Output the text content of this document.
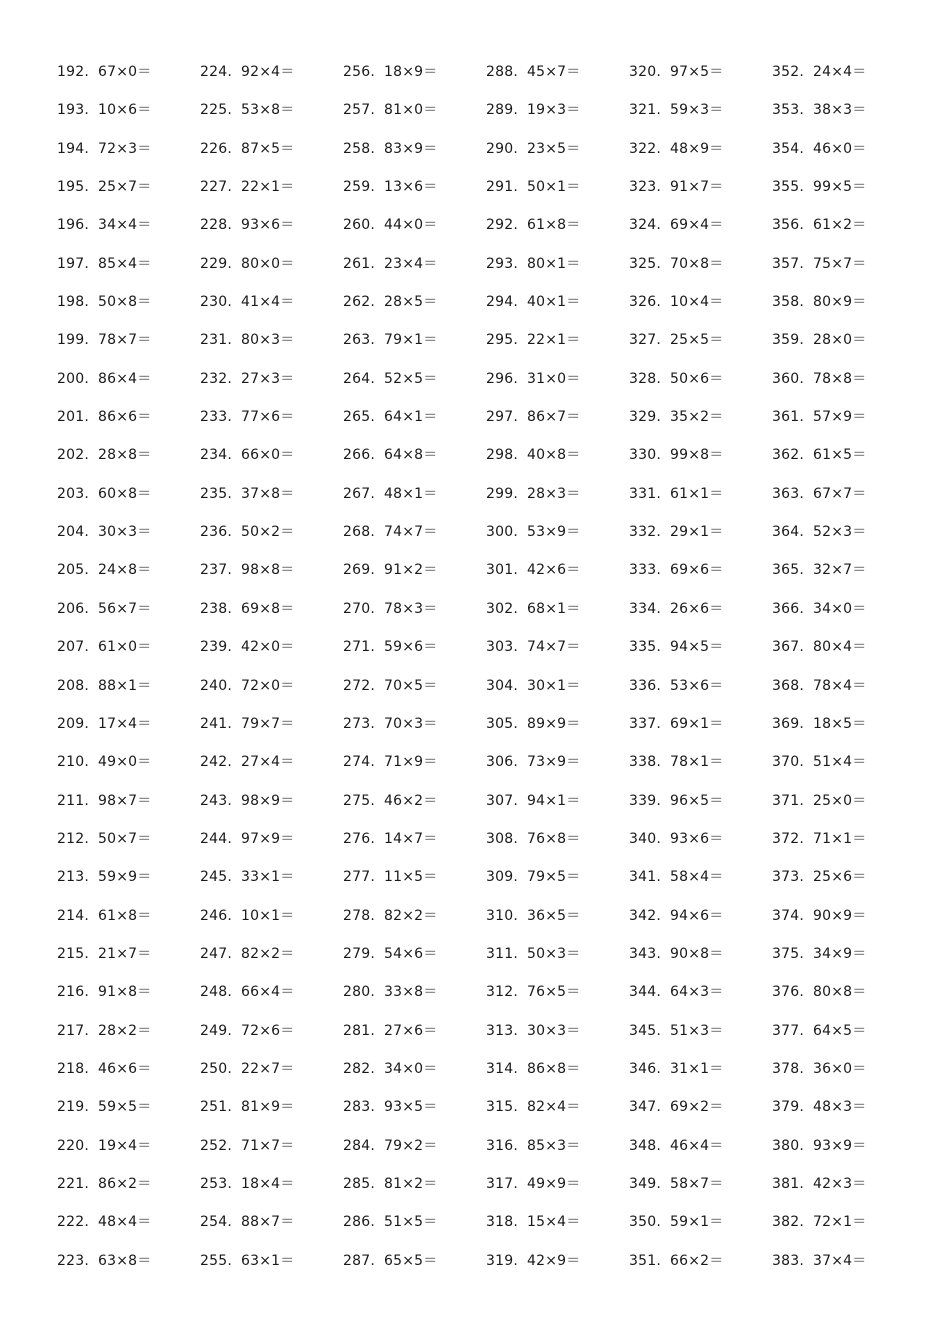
192. 67×0＝
193. 10×6＝
194. 72×3＝
195. 25×7＝
196. 34×4＝
197. 85×4＝
198. 50×8＝
199. 78×7＝
200. 86×4＝
201. 86×6＝
202. 28×8＝
203. 60×8＝
204. 30×3＝
205. 24×8＝
206. 56×7＝
207. 61×0＝
208. 88×1＝
209. 17×4＝
210. 49×0＝
211. 98×7＝
212. 50×7＝
213. 59×9＝
214. 61×8＝
215. 21×7＝
216. 91×8＝
217. 28×2＝
218. 46×6＝
219. 59×5＝
220. 19×4＝
221. 86×2＝
222. 48×4＝
223. 63×8＝
224. 92×4＝
225. 53×8＝
226. 87×5＝
227. 22×1＝
228. 93×6＝
229. 80×0＝
230. 41×4＝
231. 80×3＝
232. 27×3＝
233. 77×6＝
234. 66×0＝
235. 37×8＝
236. 50×2＝
237. 98×8＝
238. 69×8＝
239. 42×0＝
240. 72×0＝
241. 79×7＝
242. 27×4＝
243. 98×9＝
244. 97×9＝
245. 33×1＝
246. 10×1＝
247. 82×2＝
248. 66×4＝
249. 72×6＝
250. 22×7＝
251. 81×9＝
252. 71×7＝
253. 18×4＝
254. 88×7＝
255. 63×1＝
256. 18×9＝
257. 81×0＝
258. 83×9＝
259. 13×6＝
260. 44×0＝
261. 23×4＝
262. 28×5＝
263. 79×1＝
264. 52×5＝
265. 64×1＝
266. 64×8＝
267. 48×1＝
268. 74×7＝
269. 91×2＝
270. 78×3＝
271. 59×6＝
272. 70×5＝
273. 70×3＝
274. 71×9＝
275. 46×2＝
276. 14×7＝
277. 11×5＝
278. 82×2＝
279. 54×6＝
280. 33×8＝
281. 27×6＝
282. 34×0＝
283. 93×5＝
284. 79×2＝
285. 81×2＝
286. 51×5＝
287. 65×5＝
288. 45×7＝
289. 19×3＝
290. 23×5＝
291. 50×1＝
292. 61×8＝
293. 80×1＝
294. 40×1＝
295. 22×1＝
296. 31×0＝
297. 86×7＝
298. 40×8＝
299. 28×3＝
300. 53×9＝
301. 42×6＝
302. 68×1＝
303. 74×7＝
304. 30×1＝
305. 89×9＝
306. 73×9＝
307. 94×1＝
308. 76×8＝
309. 79×5＝
310. 36×5＝
311. 50×3＝
312. 76×5＝
313. 30×3＝
314. 86×8＝
315. 82×4＝
316. 85×3＝
317. 49×9＝
318. 15×4＝
319. 42×9＝
320. 97×5＝
321. 59×3＝
322. 48×9＝
323. 91×7＝
324. 69×4＝
325. 70×8＝
326. 10×4＝
327. 25×5＝
328. 50×6＝
329. 35×2＝
330. 99×8＝
331. 61×1＝
332. 29×1＝
333. 69×6＝
334. 26×6＝
335. 94×5＝
336. 53×6＝
337. 69×1＝
338. 78×1＝
339. 96×5＝
340. 93×6＝
341. 58×4＝
342. 94×6＝
343. 90×8＝
344. 64×3＝
345. 51×3＝
346. 31×1＝
347. 69×2＝
348. 46×4＝
349. 58×7＝
350. 59×1＝
351. 66×2＝
352. 24×4＝
353. 38×3＝
354. 46×0＝
355. 99×5＝
356. 61×2＝
357. 75×7＝
358. 80×9＝
359. 28×0＝
360. 78×8＝
361. 57×9＝
362. 61×5＝
363. 67×7＝
364. 52×3＝
365. 32×7＝
366. 34×0＝
367. 80×4＝
368. 78×4＝
369. 18×5＝
370. 51×4＝
371. 25×0＝
372. 71×1＝
373. 25×6＝
374. 90×9＝
375. 34×9＝
376. 80×8＝
377. 64×5＝
378. 36×0＝
379. 48×3＝
380. 93×9＝
381. 42×3＝
382. 72×1＝
383. 37×4＝
